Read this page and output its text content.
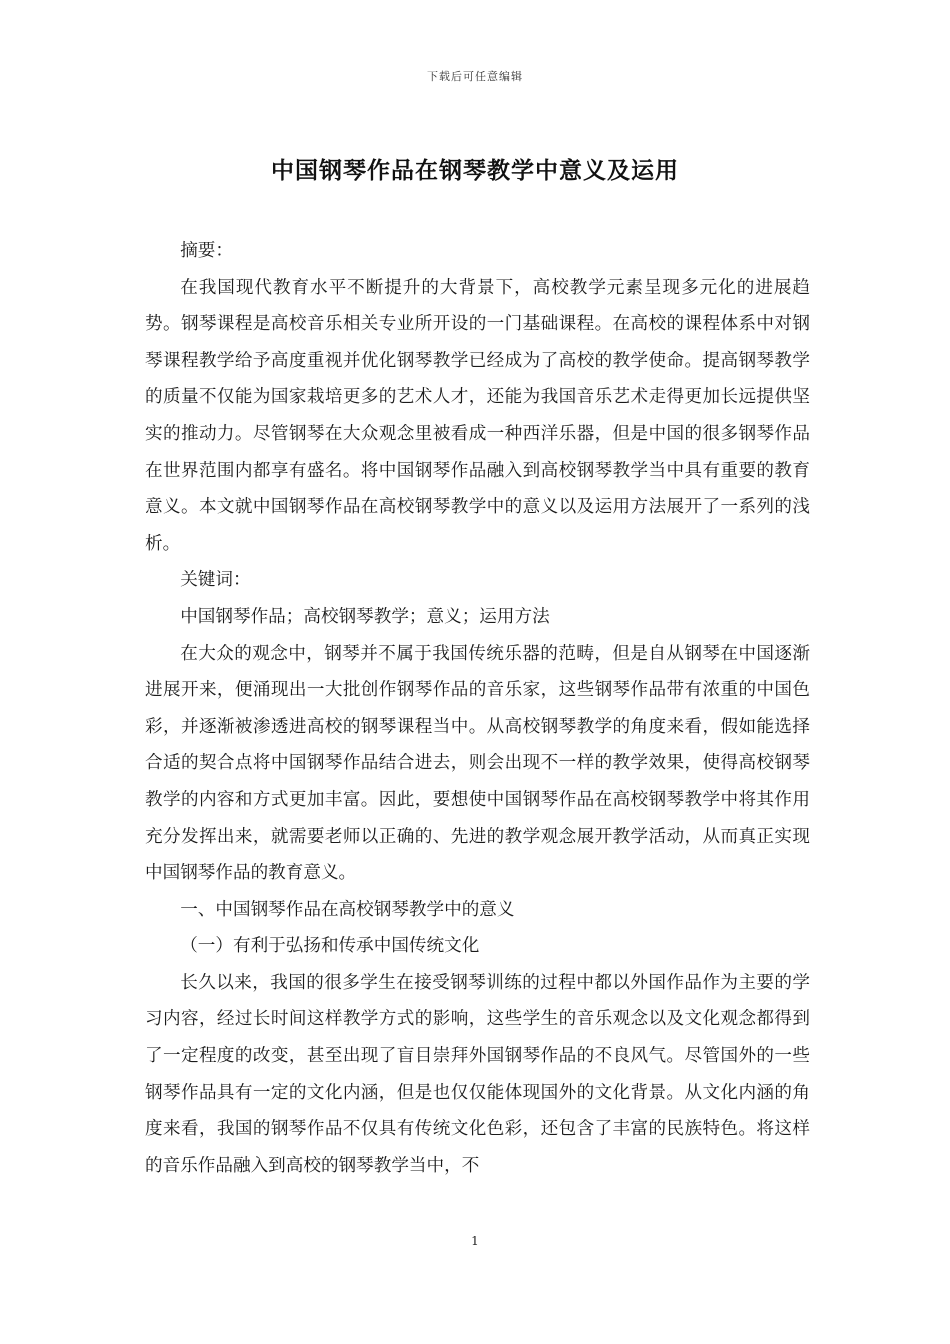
下载后可任意编辑
中国钢琴作品在钢琴教学中意义及运用

摘要：

在我国现代教育水平不断提升的大背景下，高校教学元素呈现多元化的进展趋势。钢琴课程是高校音乐相关专业所开设的一门基础课程。在高校的课程体系中对钢琴课程教学给予高度重视并优化钢琴教学已经成为了高校的教学使命。提高钢琴教学的质量不仅能为国家栽培更多的艺术人才，还能为我国音乐艺术走得更加长远提供坚实的推动力。尽管钢琴在大众观念里被看成一种西洋乐器，但是中国的很多钢琴作品在世界范围内都享有盛名。将中国钢琴作品融入到高校钢琴教学当中具有重要的教育意义。本文就中国钢琴作品在高校钢琴教学中的意义以及运用方法展开了一系列的浅析。

关键词：

中国钢琴作品；高校钢琴教学；意义；运用方法

在大众的观念中，钢琴并不属于我国传统乐器的范畴，但是自从钢琴在中国逐渐进展开来，便涌现出一大批创作钢琴作品的音乐家，这些钢琴作品带有浓重的中国色彩，并逐渐被渗透进高校的钢琴课程当中。从高校钢琴教学的角度来看，假如能选择合适的契合点将中国钢琴作品结合进去，则会出现不一样的教学效果，使得高校钢琴教学的内容和方式更加丰富。因此，要想使中国钢琴作品在高校钢琴教学中将其作用充分发挥出来，就需要老师以正确的、先进的教学观念展开教学活动，从而真正实现中国钢琴作品的教育意义。

一、中国钢琴作品在高校钢琴教学中的意义

（一）有利于弘扬和传承中国传统文化

长久以来，我国的很多学生在接受钢琴训练的过程中都以外国作品作为主要的学习内容，经过长时间这样教学方式的影响，这些学生的音乐观念以及文化观念都得到了一定程度的改变，甚至出现了盲目崇拜外国钢琴作品的不良风气。尽管国外的一些钢琴作品具有一定的文化内涵，但是也仅仅能体现国外的文化背景。从文化内涵的角度来看，我国的钢琴作品不仅具有传统文化色彩，还包含了丰富的民族特色。将这样的音乐作品融入到高校的钢琴教学当中，不

1
